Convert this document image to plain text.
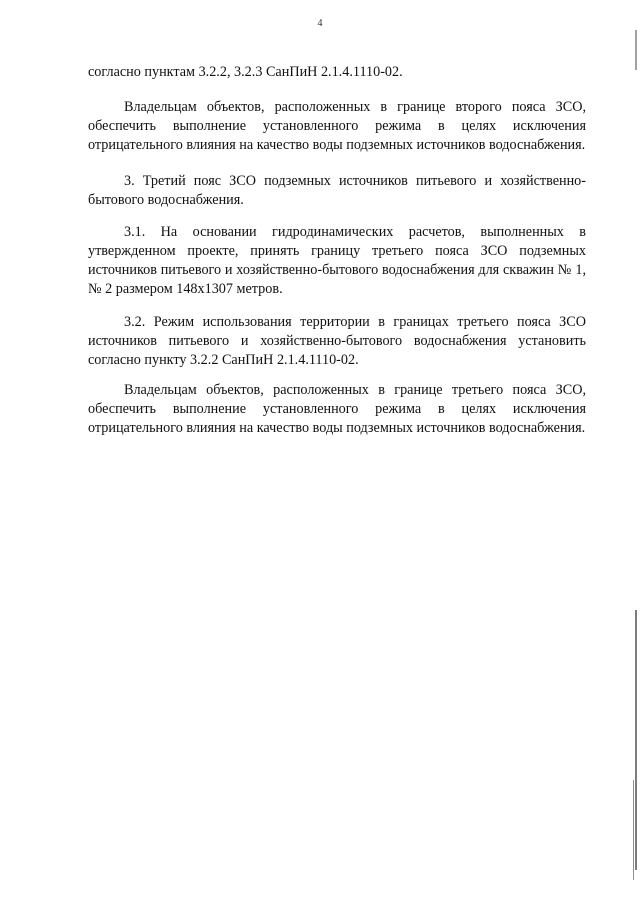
4

согласно пунктам 3.2.2, 3.2.3 СанПиН 2.1.4.1110-02.

Владельцам объектов, расположенных в границе второго пояса ЗСО, обеспечить выполнение установленного режима в целях исключения отрицательного влияния на качество воды подземных источников водоснабжения.

3. Третий пояс ЗСО подземных источников питьевого и хозяйственно-бытового водоснабжения.

3.1. На основании гидродинамических расчетов, выполненных в утвержденном проекте, принять границу третьего пояса ЗСО подземных источников питьевого и хозяйственно-бытового водоснабжения для скважин № 1, № 2 размером 148х1307 метров.

3.2. Режим использования территории в границах третьего пояса ЗСО источников питьевого и хозяйственно-бытового водоснабжения установить согласно пункту 3.2.2 СанПиН 2.1.4.1110-02.

Владельцам объектов, расположенных в границе третьего пояса ЗСО, обеспечить выполнение установленного режима в целях исключения отрицательного влияния на качество воды подземных источников водоснабжения.
